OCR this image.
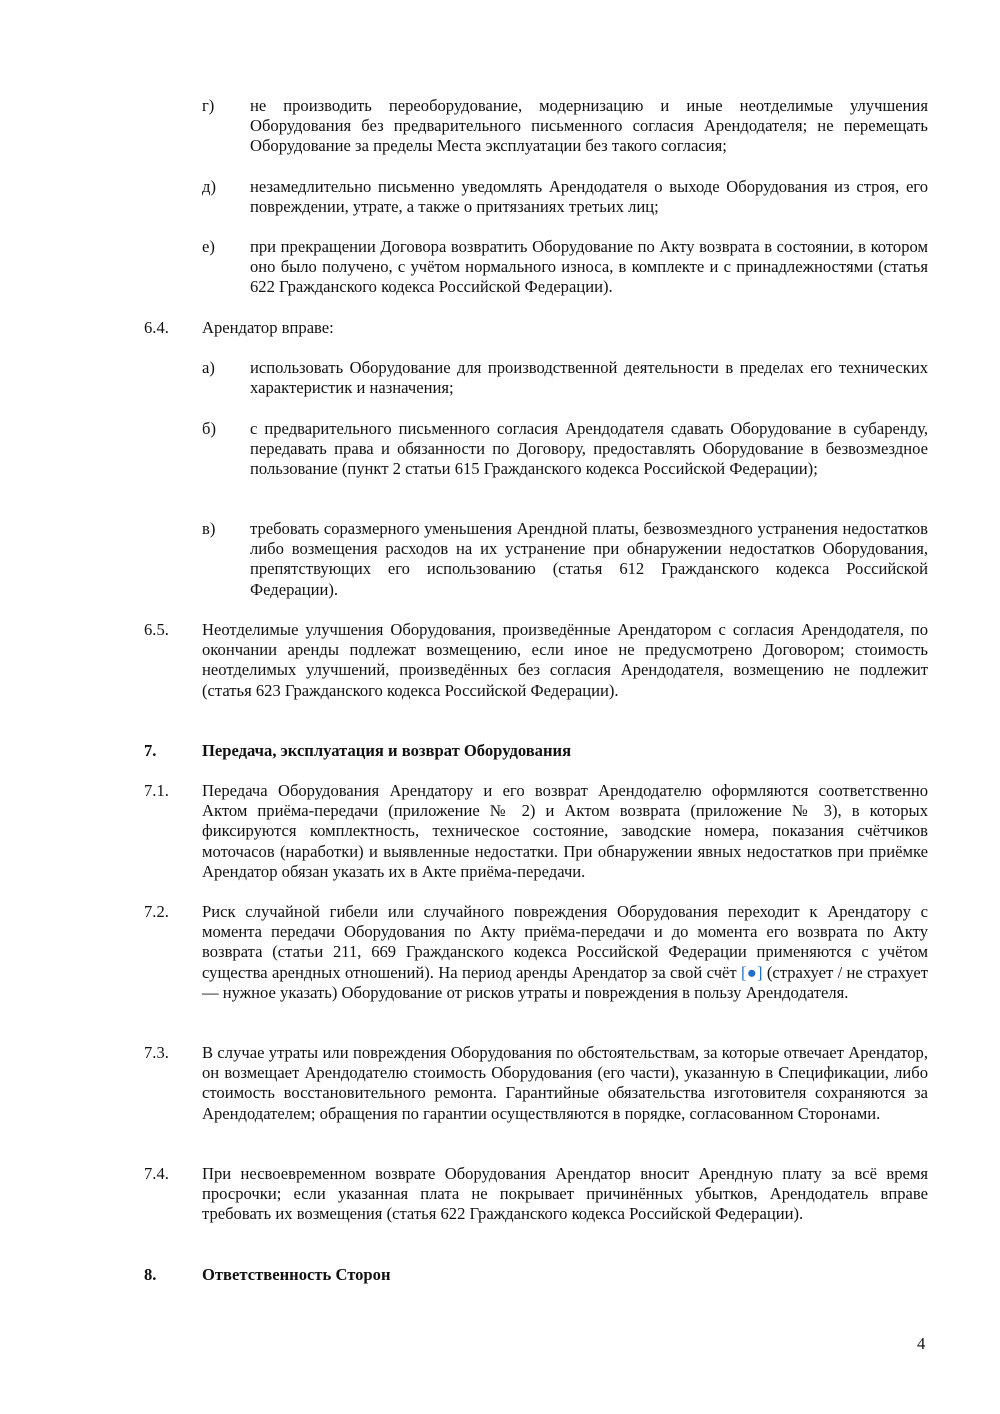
г) не производить переоборудование, модернизацию и иные неотделимые улучшения Оборудования без предварительного письменного согласия Арендодателя; не перемещать Оборудование за пределы Места эксплуатации без такого согласия;
д) незамедлительно письменно уведомлять Арендодателя о выходе Оборудования из строя, его повреждении, утрате, а также о притязаниях третьих лиц;
е) при прекращении Договора возвратить Оборудование по Акту возврата в состоянии, в котором оно было получено, с учётом нормального износа, в комплекте и с принадлежностями (статья 622 Гражданского кодекса Российской Федерации).
6.4. Арендатор вправе:
а) использовать Оборудование для производственной деятельности в пределах его технических характеристик и назначения;
б) с предварительного письменного согласия Арендодателя сдавать Оборудование в субаренду, передавать права и обязанности по Договору, предоставлять Оборудование в безвозмездное пользование (пункт 2 статьи 615 Гражданского кодекса Российской Федерации);
в) требовать соразмерного уменьшения Арендной платы, безвозмездного устранения недостатков либо возмещения расходов на их устранение при обнаружении недостатков Оборудования, препятствующих его использованию (статья 612 Гражданского кодекса Российской Федерации).
6.5. Неотделимые улучшения Оборудования, произведённые Арендатором с согласия Арендодателя, по окончании аренды подлежат возмещению, если иное не предусмотрено Договором; стоимость неотделимых улучшений, произведённых без согласия Арендодателя, возмещению не подлежит (статья 623 Гражданского кодекса Российской Федерации).
7.	Передача, эксплуатация и возврат Оборудования
7.1. Передача Оборудования Арендатору и его возврат Арендодателю оформляются соответственно Актом приёма-передачи (приложение № 2) и Актом возврата (приложение № 3), в которых фиксируются комплектность, техническое состояние, заводские номера, показания счётчиков моточасов (наработки) и выявленные недостатки. При обнаружении явных недостатков при приёмке Арендатор обязан указать их в Акте приёма-передачи.
7.2. Риск случайной гибели или случайного повреждения Оборудования переходит к Арендатору с момента передачи Оборудования по Акту приёма-передачи и до момента его возврата по Акту возврата (статьи 211, 669 Гражданского кодекса Российской Федерации применяются с учётом существа арендных отношений). На период аренды Арендатор за свой счёт [●] (страхует / не страхует — нужное указать) Оборудование от рисков утраты и повреждения в пользу Арендодателя.
7.3. В случае утраты или повреждения Оборудования по обстоятельствам, за которые отвечает Арендатор, он возмещает Арендодателю стоимость Оборудования (его части), указанную в Спецификации, либо стоимость восстановительного ремонта. Гарантийные обязательства изготовителя сохраняются за Арендодателем; обращения по гарантии осуществляются в порядке, согласованном Сторонами.
7.4. При несвоевременном возврате Оборудования Арендатор вносит Арендную плату за всё время просрочки; если указанная плата не покрывает причинённых убытков, Арендодатель вправе требовать их возмещения (статья 622 Гражданского кодекса Российской Федерации).
8.	Ответственность Сторон
4
